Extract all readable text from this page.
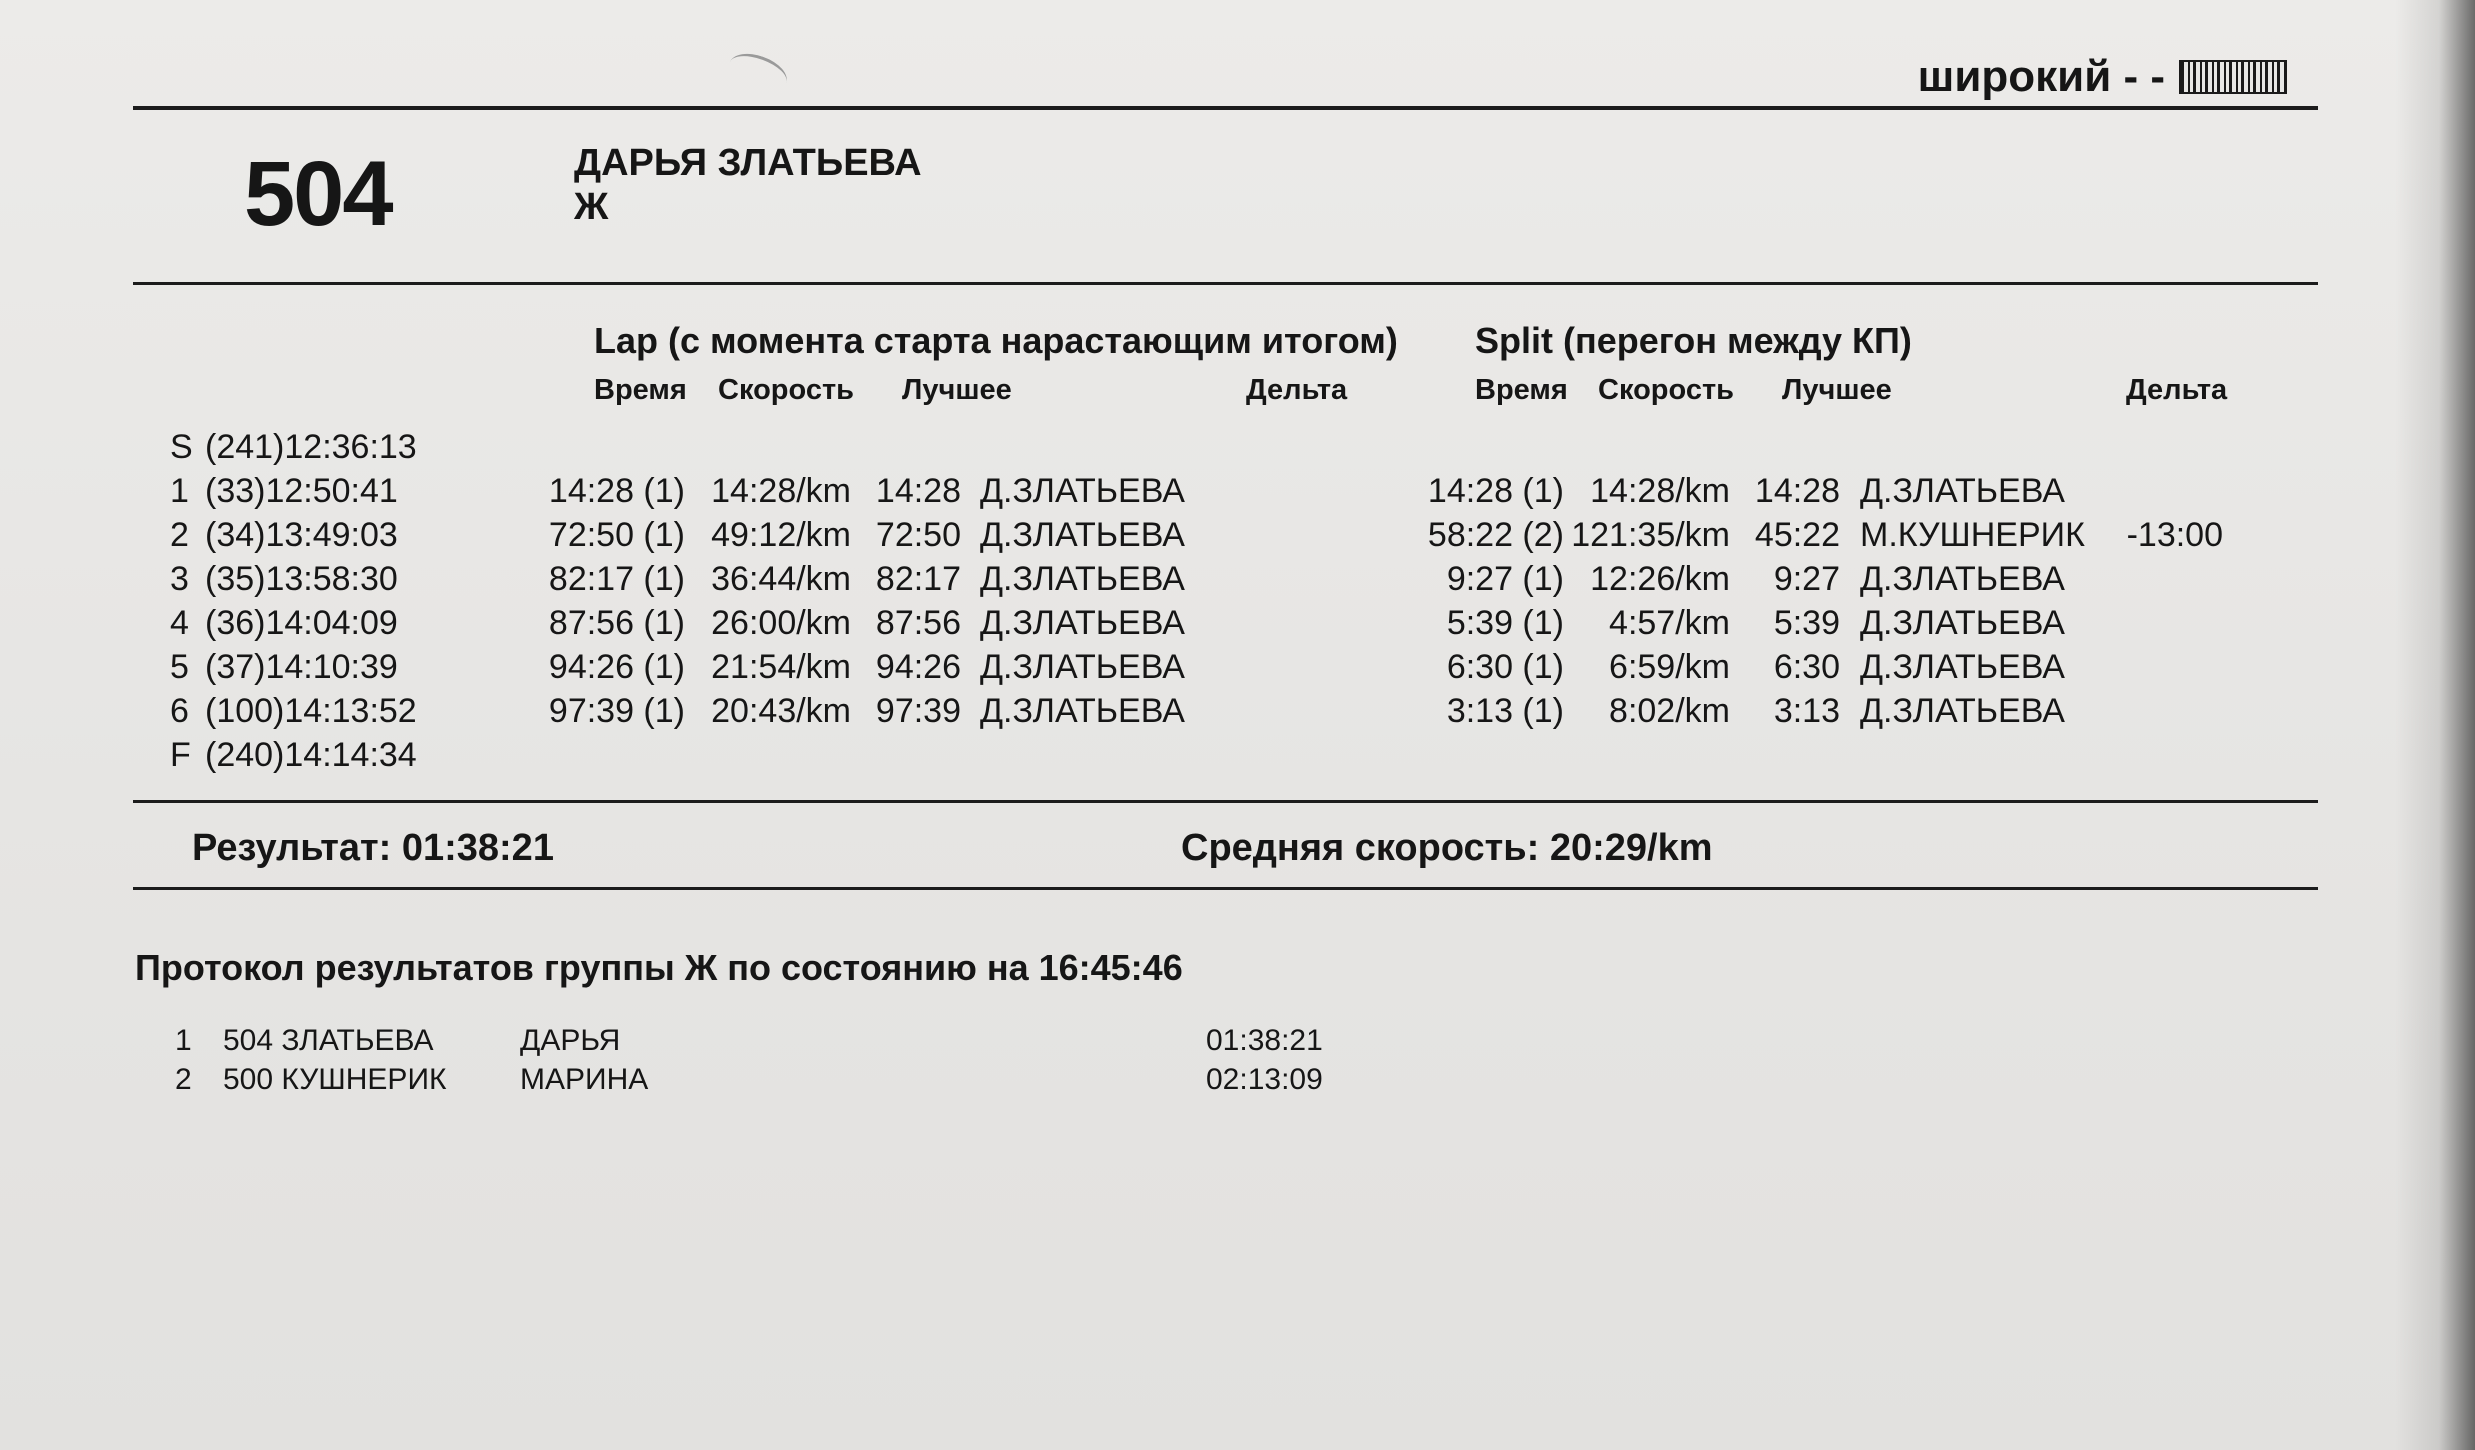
широкий - -
504	ДАРЬЯ ЗЛАТЬЕВА
Ж
Lap (с момента старта нарастающим итогом) Split (перегон между КП)
Время Скорость Лучшее	Дельта	Время Скорость Лучшее	Дельта
S (241)12:36:13
1 (33)12:50:41	14:28 (1) 14:28/km 14:28 Д.ЗЛАТЬЕВА	14:28 (1) 14:28/km 14:28 Д.ЗЛАТЬЕВА
2 (34)13:49:03	72:50 (1) 49:12/km 72:50 Д.ЗЛАТЬЕВА	58:22 (2) 121:35/km 45:22 М.КУШНЕРИК -13:00
3 (35)13:58:30	82:17 (1) 36:44/km 82:17 Д.ЗЛАТЬЕВА	9:27 (1) 12:26/km 9:27 Д.ЗЛАТЬЕВА
4 (36)14:04:09	87:56 (1) 26:00/km 87:56 Д.ЗЛАТЬЕВА	5:39 (1) 4:57/km 5:39 Д.ЗЛАТЬЕВА
5 (37)14:10:39	94:26 (1) 21:54/km 94:26 Д.ЗЛАТЬЕВА	6:30 (1) 6:59/km 6:30 Д.ЗЛАТЬЕВА
6 (100)14:13:52	97:39 (1) 20:43/km 97:39 Д.ЗЛАТЬЕВА	3:13 (1) 8:02/km 3:13 Д.ЗЛАТЬЕВА
F (240)14:14:34
Результат: 01:38:21	Средняя скорость: 20:29/km
Протокол результатов группы Ж по состоянию на 16:45:46
1 504 ЗЛАТЬЕВА	ДАРЬЯ	01:38:21
2 500 КУШНЕРИК МАРИНА	02:13:09
